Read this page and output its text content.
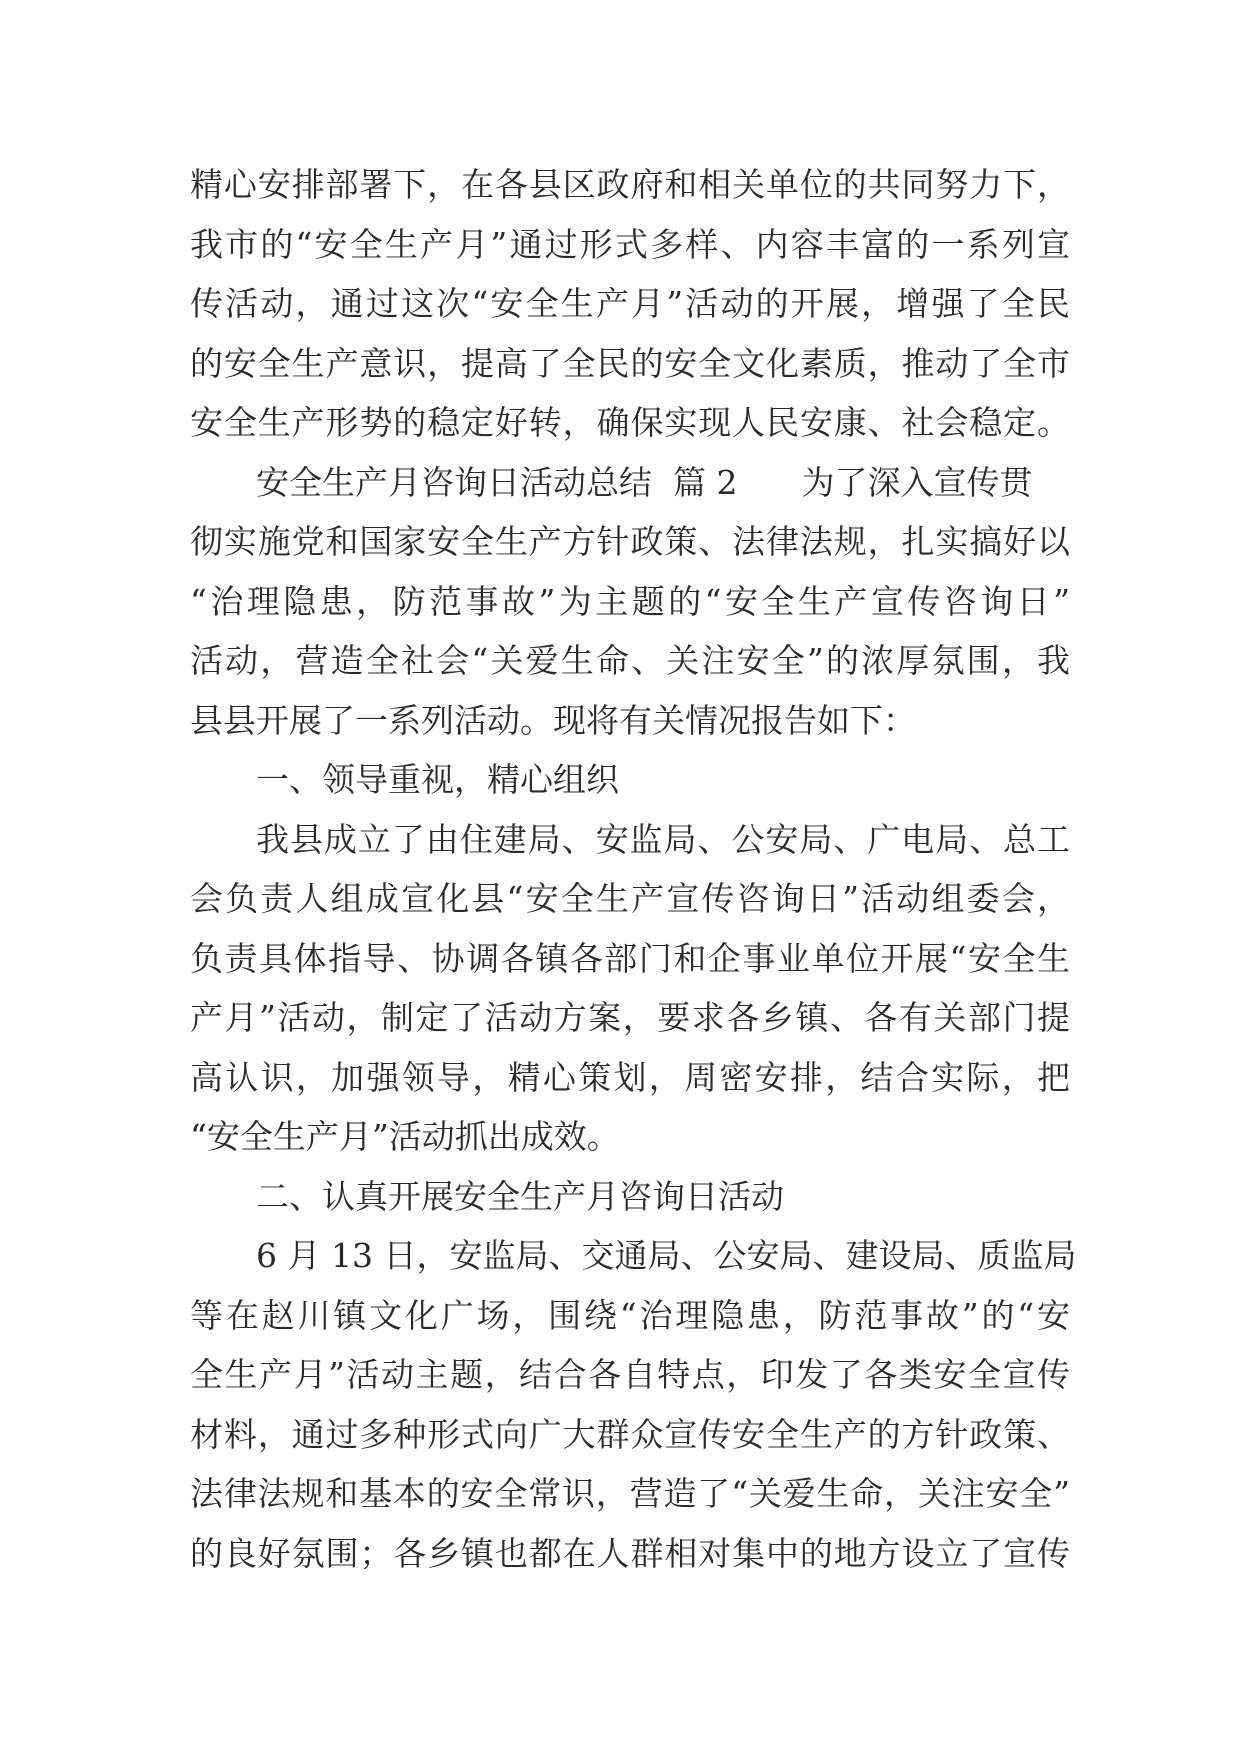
精心安排部署下，在各县区政府和相关单位的共同努力下，
我市的“安全生产月”通过形式多样、内容丰富的一系列宣
传活动，通过这次“安全生产月”活动的开展，增强了全民
的安全生产意识，提高了全民的安全文化素质，推动了全市
安全生产形势的稳定好转，确保实现人民安康、社会稳定。
安全生产月咨询日活动总结  篇 2 为了深入宣传贯
彻实施党和国家安全生产方针政策、法律法规，扎实搞好以
“治理隐患，防范事故”为主题的“安全生产宣传咨询日”
活动，营造全社会“关爱生命、关注安全”的浓厚氛围，我
县县开展了一系列活动。现将有关情况报告如下：
一、领导重视，精心组织
我县成立了由住建局、安监局、公安局、广电局、总工
会负责人组成宣化县“安全生产宣传咨询日”活动组委会，
负责具体指导、协调各镇各部门和企事业单位开展“安全生
产月”活动，制定了活动方案，要求各乡镇、各有关部门提
高认识，加强领导，精心策划，周密安排，结合实际，把
“安全生产月”活动抓出成效。
二、认真开展安全生产月咨询日活动
6 月 13 日，安监局、交通局、公安局、建设局、质监局
等在赵川镇文化广场，围绕“治理隐患，防范事故”的“安
全生产月”活动主题，结合各自特点，印发了各类安全宣传
材料，通过多种形式向广大群众宣传安全生产的方针政策、
法律法规和基本的安全常识，营造了“关爱生命，关注安全”
的良好氛围；各乡镇也都在人群相对集中的地方设立了宣传
